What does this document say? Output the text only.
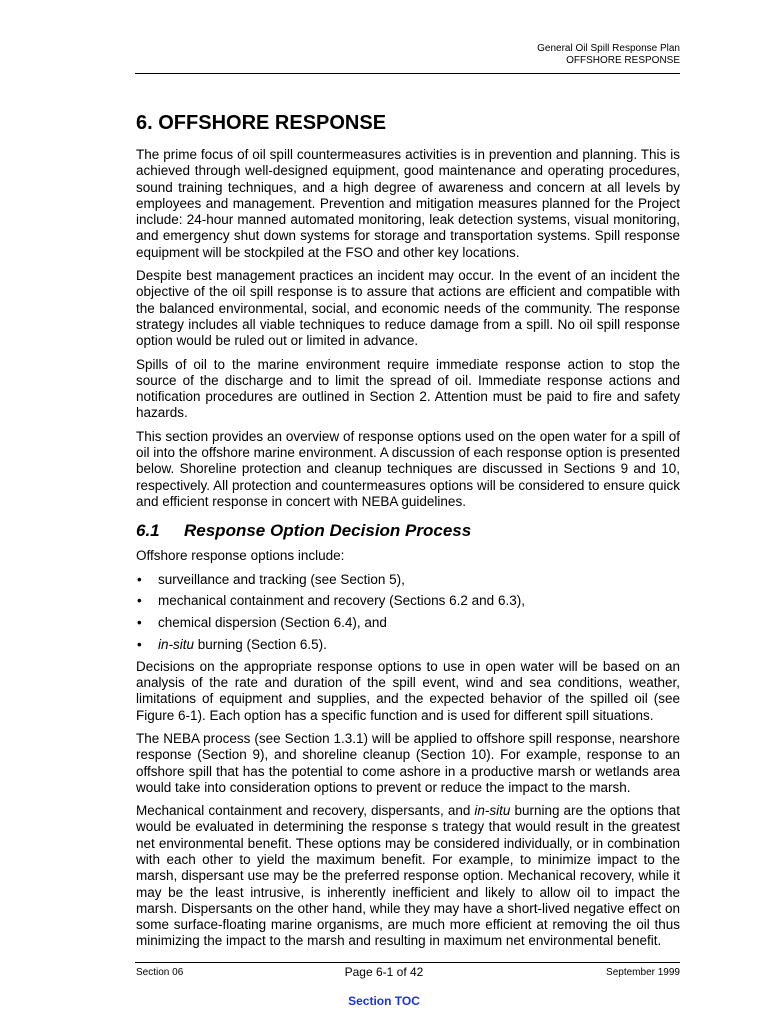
General Oil Spill Response Plan
OFFSHORE RESPONSE
6. OFFSHORE RESPONSE

The prime focus of oil spill countermeasures activities is in prevention and planning. This is achieved through well-designed equipment, good maintenance and operating procedures, sound training techniques, and a high degree of awareness and concern at all levels by employees and management. Prevention and mitigation measures planned for the Project include: 24-hour manned automated monitoring, leak detection systems, visual monitoring, and emergency shut down systems for storage and transportation systems. Spill response equipment will be stockpiled at the FSO and other key locations.

Despite best management practices an incident may occur. In the event of an incident the objective of the oil spill response is to assure that actions are efficient and compatible with the balanced environmental, social, and economic needs of the community. The response strategy includes all viable techniques to reduce damage from a spill. No oil spill response option would be ruled out or limited in advance.

Spills of oil to the marine environment require immediate response action to stop the source of the discharge and to limit the spread of oil. Immediate response actions and notification procedures are outlined in Section 2. Attention must be paid to fire and safety hazards.

This section provides an overview of response options used on the open water for a spill of oil into the offshore marine environment. A discussion of each response option is presented below. Shoreline protection and cleanup techniques are discussed in Sections 9 and 10, respectively. All protection and countermeasures options will be considered to ensure quick and efficient response in concert with NEBA guidelines.

6.1 Response Option Decision Process

Offshore response options include:

• surveillance and tracking (see Section 5),
• mechanical containment and recovery (Sections 6.2 and 6.3),
• chemical dispersion (Section 6.4), and
• in-situ burning (Section 6.5).

Decisions on the appropriate response options to use in open water will be based on an analysis of the rate and duration of the spill event, wind and sea conditions, weather, limitations of equipment and supplies, and the expected behavior of the spilled oil (see Figure 6-1). Each option has a specific function and is used for different spill situations.

The NEBA process (see Section 1.3.1) will be applied to offshore spill response, nearshore response (Section 9), and shoreline cleanup (Section 10). For example, response to an offshore spill that has the potential to come ashore in a productive marsh or wetlands area would take into consideration options to prevent or reduce the impact to the marsh.

Mechanical containment and recovery, dispersants, and in-situ burning are the options that would be evaluated in determining the response s trategy that would result in the greatest net environmental benefit. These options may be considered individually, or in combination with each other to yield the maximum benefit. For example, to minimize impact to the marsh, dispersant use may be the preferred response option. Mechanical recovery, while it may be the least intrusive, is inherently inefficient and likely to allow oil to impact the marsh. Dispersants on the other hand, while they may have a short-lived negative effect on some surface-floating marine organisms, are much more efficient at removing the oil thus minimizing the impact to the marsh and resulting in maximum net environmental benefit.

Section 06	Page 6-1 of 42	September 1999
Section TOC
